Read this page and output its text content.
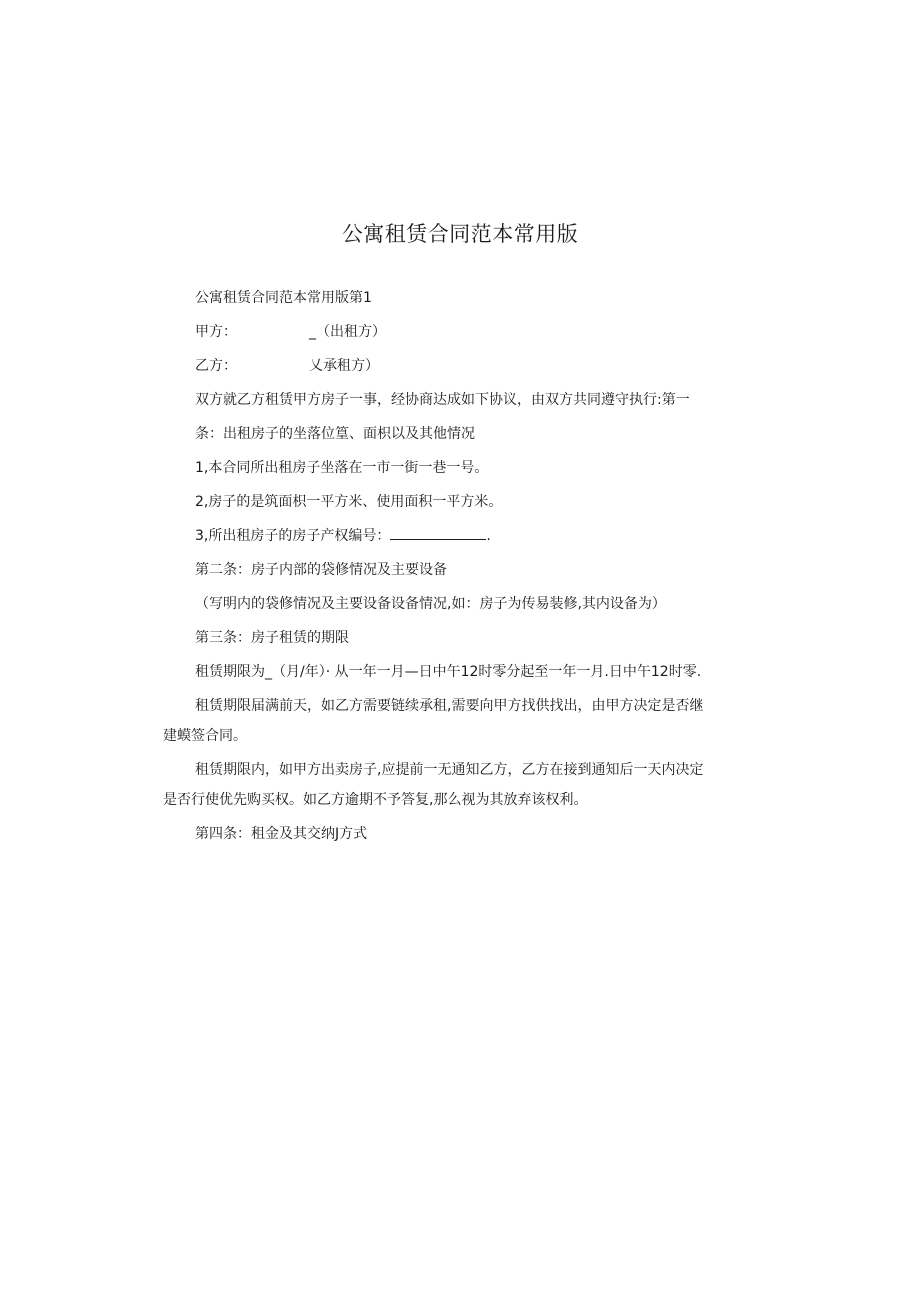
公寓租赁合同范本常用版
公寓租赁合同范本常用版第1
甲方：	_（出租方）
乙方：	乂承租方）
双方就乙方租赁甲方房子一事，经协商达成如下协议，由双方共同遵守执行:第一
条：出租房子的坐落位篁、面枳以及其他情况
1,本合同所出租房子坐落在一市一街一巷一号。
2,房子的是筑面枳一平方米、使用面积一平方米。
3,所出租房子的房子产权编号：	.
第二条：房子内部的袋修情况及主要设备
（写明内的袋修情况及主要设备设备情况,如：房子为传易装修,其内设备为）
第三条：房子租赁的期限
租赁期限为_（月/年）· 从一年一月—日中午12时零分起至一年一月.日中午12时零.
租赁期限届满前天，如乙方需要链续承租,需要向甲方找供找出，由甲方决定是否继
建蟆签合同。
租赁期限内，如甲方出卖房子,应提前一无通知乙方，乙方在接到通知后一天内决定
是否行使优先购买权。如乙方逾期不予答复,那么视为其放弃该权利。
第四条：租金及其交纳J方式
